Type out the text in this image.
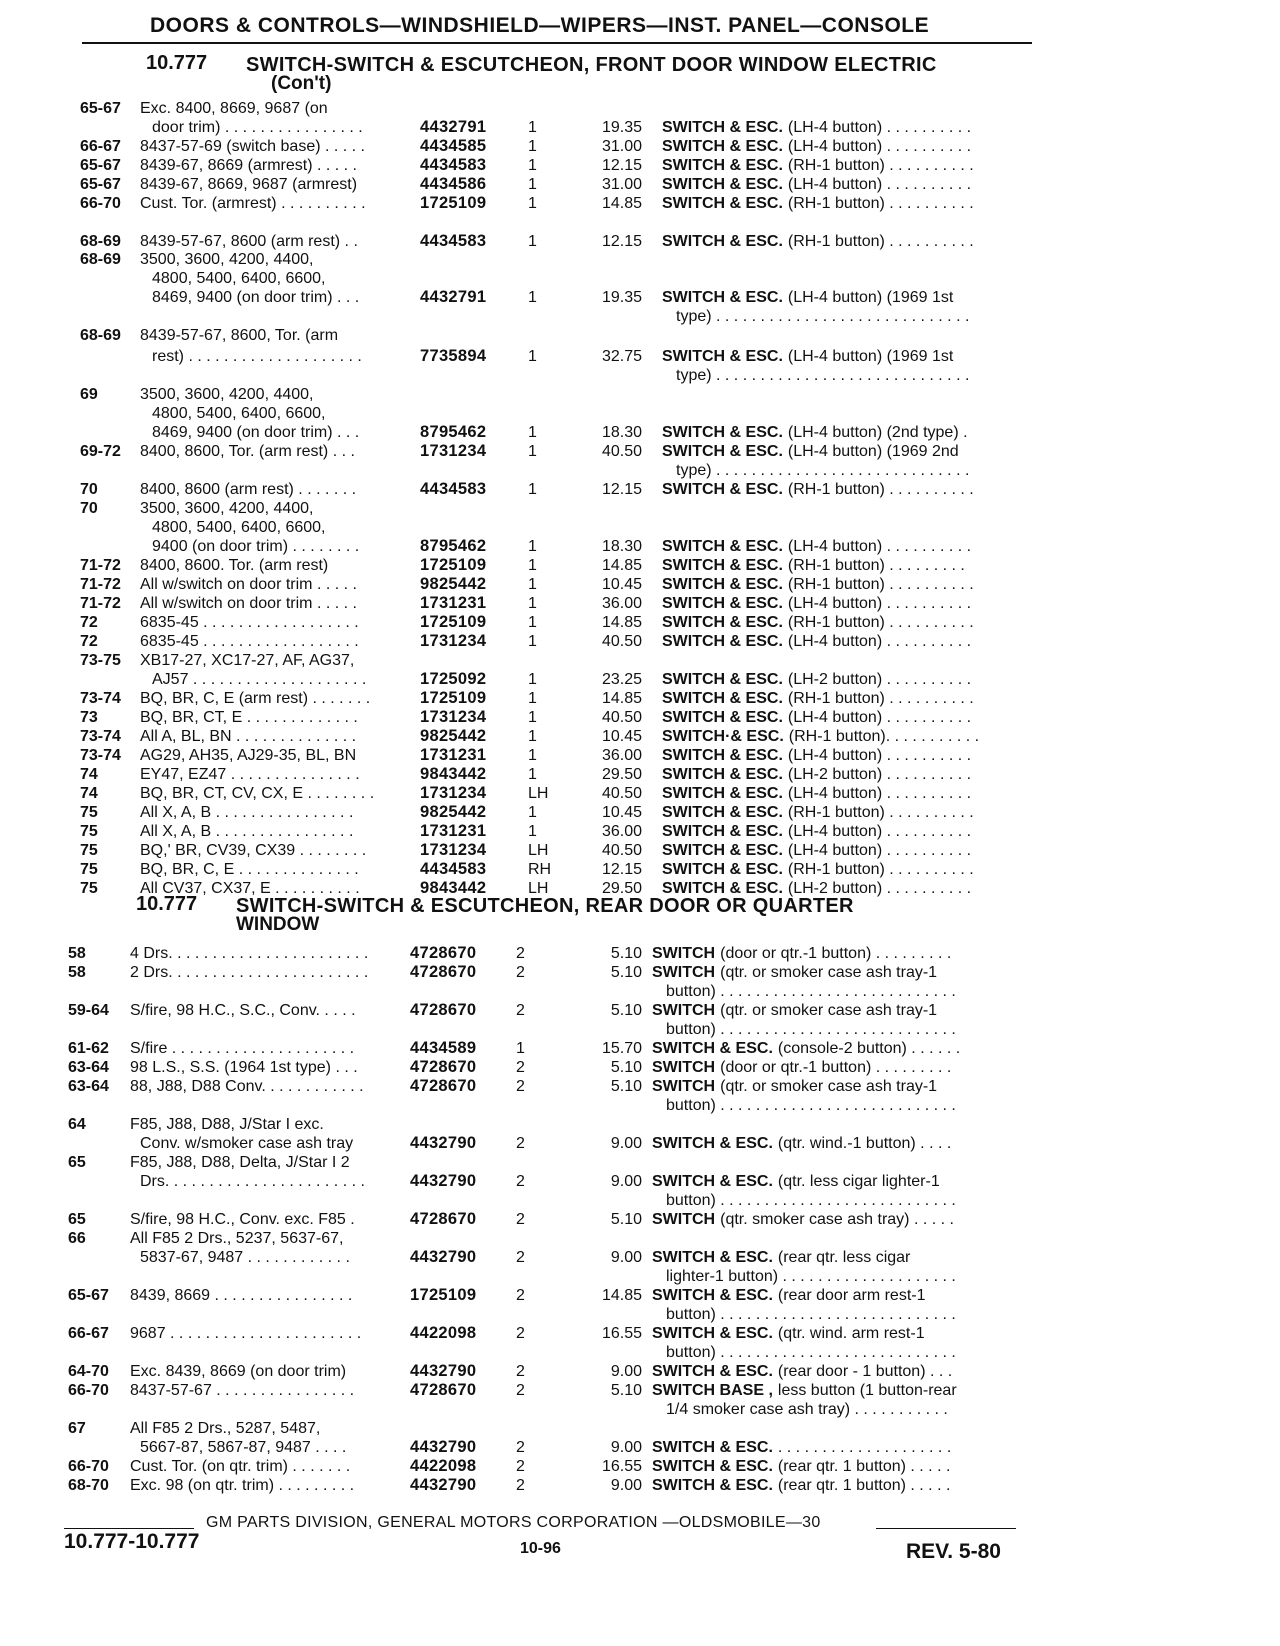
DOORS & CONTROLS—WINDSHIELD—WIPERS—INST. PANEL—CONSOLE
10.777 SWITCH-SWITCH & ESCUTCHEON, FRONT DOOR WINDOW ELECTRIC
(Con't)
65-67 Exc. 8400, 8669, 9687 (on
door trim) . . . . . . . . . . . . . . . .	4432791	1	19.35 SWITCH & ESC. (LH-4 button) . . . . . . . . . .
66-67 8437-57-69 (switch base) . . . . .	4434585	1	31.00 SWITCH & ESC. (LH-4 button) . . . . . . . . . .
65-67 8439-67, 8669 (armrest) . . . . .	4434583	1	12.15 SWITCH & ESC. (RH-1 button) . . . . . . . . . .
65-67 8439-67, 8669, 9687 (armrest)	4434586	1	31.00 SWITCH & ESC. (LH-4 button) . . . . . . . . . .
66-70 Cust. Tor. (armrest) . . . . . . . . . .	1725109	1	14.85 SWITCH & ESC. (RH-1 button) . . . . . . . . . .
68-69 8439-57-67, 8600 (arm rest) . .	4434583	1	12.15 SWITCH & ESC. (RH-1 button) . . . . . . . . . .
68-69 3500, 3600, 4200, 4400,
4800, 5400, 6400, 6600,
8469, 9400 (on door trim) . . .	4432791	1	19.35 SWITCH & ESC. (LH-4 button) (1969 1st
type) . . . . . . . . . . . . . . . . . . . . . . . . . . . . .
68-69 8439-57-67, 8600, Tor. (arm
rest) . . . . . . . . . . . . . . . . . . . .	7735894	1	32.75 SWITCH & ESC. (LH-4 button) (1969 1st
type) . . . . . . . . . . . . . . . . . . . . . . . . . . . . .
69	3500, 3600, 4200, 4400,
4800, 5400, 6400, 6600,
8469, 9400 (on door trim) . . .	8795462	1	18.30 SWITCH & ESC. (LH-4 button) (2nd type) .
69-72 8400, 8600, Tor. (arm rest) . . .	1731234	1	40.50 SWITCH & ESC. (LH-4 button) (1969 2nd
type) . . . . . . . . . . . . . . . . . . . . . . . . . . . . .
70	8400, 8600 (arm rest) . . . . . . .	4434583	1	12.15 SWITCH & ESC. (RH-1 button) . . . . . . . . . .
70	3500, 3600, 4200, 4400,
4800, 5400, 6400, 6600,
9400 (on door trim) . . . . . . . .	8795462	1	18.30 SWITCH & ESC. (LH-4 button) . . . . . . . . . .
71-72 8400, 8600. Tor. (arm rest)	1725109	1	14.85 SWITCH & ESC. (RH-1 button) . . . . . . . . .
71-72 All w/switch on door trim . . . . .	9825442	1	10.45 SWITCH & ESC. (RH-1 button) . . . . . . . . . .
71-72 All w/switch on door trim . . . . .	1731231	1	36.00 SWITCH & ESC. (LH-4 button) . . . . . . . . . .
72	6835-45 . . . . . . . . . . . . . . . . . .	1725109	1	14.85 SWITCH & ESC. (RH-1 button) . . . . . . . . . .
72	6835-45 . . . . . . . . . . . . . . . . . .	1731234	1	40.50 SWITCH & ESC. (LH-4 button) . . . . . . . . . .
73-75 XB17-27, XC17-27, AF, AG37,
AJ57 . . . . . . . . . . . . . . . . . . . .	1725092	1	23.25 SWITCH & ESC. (LH-2 button) . . . . . . . . . .
73-74 BQ, BR, C, E (arm rest) . . . . . . .	1725109	1	14.85 SWITCH & ESC. (RH-1 button) . . . . . . . . . .
73	BQ, BR, CT, E . . . . . . . . . . . . .	1731234	1	40.50 SWITCH & ESC. (LH-4 button) . . . . . . . . . .
73-74 All A, BL, BN . . . . . . . . . . . . . .	9825442	1	10.45 SWITCH·& ESC. (RH-1 button). . . . . . . . . . .
73-74 AG29, AH35, AJ29-35, BL, BN	1731231	1	36.00 SWITCH & ESC. (LH-4 button) . . . . . . . . . .
74	EY47, EZ47 . . . . . . . . . . . . . . .	9843442	1	29.50 SWITCH & ESC. (LH-2 button) . . . . . . . . . .
74	BQ, BR, CT, CV, CX, E . . . . . . . .	1731234	LH	40.50 SWITCH & ESC. (LH-4 button) . . . . . . . . . .
75	All X, A, B . . . . . . . . . . . . . . . .	9825442	1	10.45 SWITCH & ESC. (RH-1 button) . . . . . . . . . .
75	All X, A, B . . . . . . . . . . . . . . . .	1731231	1	36.00 SWITCH & ESC. (LH-4 button) . . . . . . . . . .
75	BQ,' BR, CV39, CX39 . . . . . . . .	1731234	LH	40.50 SWITCH & ESC. (LH-4 button) . . . . . . . . . .
75	BQ, BR, C, E . . . . . . . . . . . . . .	4434583	RH	12.15 SWITCH & ESC. (RH-1 button) . . . . . . . . . .
75	All CV37, CX37, E . . . . . . . . . .	9843442	LH	29.50 SWITCH & ESC. (LH-2 button) . . . . . . . . . .
10.777 SWITCH-SWITCH & ESCUTCHEON, REAR DOOR OR QUARTER
WINDOW
58	4 Drs. . . . . . . . . . . . . . . . . . . . . . .	4728670 2	5.10 SWITCH (door or qtr.-1 button) . . . . . . . . .
58	2 Drs. . . . . . . . . . . . . . . . . . . . . . .	4728670 2	5.10 SWITCH (qtr. or smoker case ash tray-1
button) . . . . . . . . . . . . . . . . . . . . . . . . . . .
59-64 S/fire, 98 H.C., S.C., Conv. . . . .	4728670 2	5.10 SWITCH (qtr. or smoker case ash tray-1
button) . . . . . . . . . . . . . . . . . . . . . . . . . . .
61-62 S/fire . . . . . . . . . . . . . . . . . . . . .	4434589 1	15.70 SWITCH & ESC. (console-2 button) . . . . . .
63-64 98 L.S., S.S. (1964 1st type) . . .	4728670 2	5.10 SWITCH (door or qtr.-1 button) . . . . . . . . .
63-64 88, J88, D88 Conv. . . . . . . . . . . .	4728670 2	5.10 SWITCH (qtr. or smoker case ash tray-1
button) . . . . . . . . . . . . . . . . . . . . . . . . . . .
64	F85, J88, D88, J/Star I exc.
Conv. w/smoker case ash tray	4432790 2	9.00 SWITCH & ESC. (qtr. wind.-1 button) . . . .
65	F85, J88, D88, Delta, J/Star I 2
Drs. . . . . . . . . . . . . . . . . . . . . . .	4432790 2	9.00 SWITCH & ESC. (qtr. less cigar lighter-1
button) . . . . . . . . . . . . . . . . . . . . . . . . . . .
65	S/fire, 98 H.C., Conv. exc. F85 .	4728670 2	5.10 SWITCH (qtr. smoker case ash tray) . . . . .
66	All F85 2 Drs., 5237, 5637-67,
5837-67, 9487 . . . . . . . . . . . .	4432790 2	9.00 SWITCH & ESC. (rear qtr. less cigar
lighter-1 button) . . . . . . . . . . . . . . . . . . . .
65-67 8439, 8669 . . . . . . . . . . . . . . . .	1725109 2	14.85 SWITCH & ESC. (rear door arm rest-1
button) . . . . . . . . . . . . . . . . . . . . . . . . . . .
66-67 9687 . . . . . . . . . . . . . . . . . . . . . .	4422098 2	16.55 SWITCH & ESC. (qtr. wind. arm rest-1
button) . . . . . . . . . . . . . . . . . . . . . . . . . . .
64-70 Exc. 8439, 8669 (on door trim)	4432790 2	9.00 SWITCH & ESC. (rear door - 1 button) . . .
66-70 8437-57-67 . . . . . . . . . . . . . . . .	4728670 2	5.10 SWITCH BASE , less button (1 button-rear
1/4 smoker case ash tray) . . . . . . . . . . .
67	All F85 2 Drs., 5287, 5487,
5667-87, 5867-87, 9487 . . . .	4432790 2	9.00 SWITCH & ESC. . . . . . . . . . . . . . . . . . . . .
66-70 Cust. Tor. (on qtr. trim) . . . . . . .	4422098 2	16.55 SWITCH & ESC. (rear qtr. 1 button) . . . . .
68-70 Exc. 98 (on qtr. trim) . . . . . . . . .	4432790 2	9.00 SWITCH & ESC. (rear qtr. 1 button) . . . . .
GM PARTS DIVISION, GENERAL MOTORS CORPORATION —OLDSMOBILE—30
10.777-10.777	10-96	REV. 5-80
